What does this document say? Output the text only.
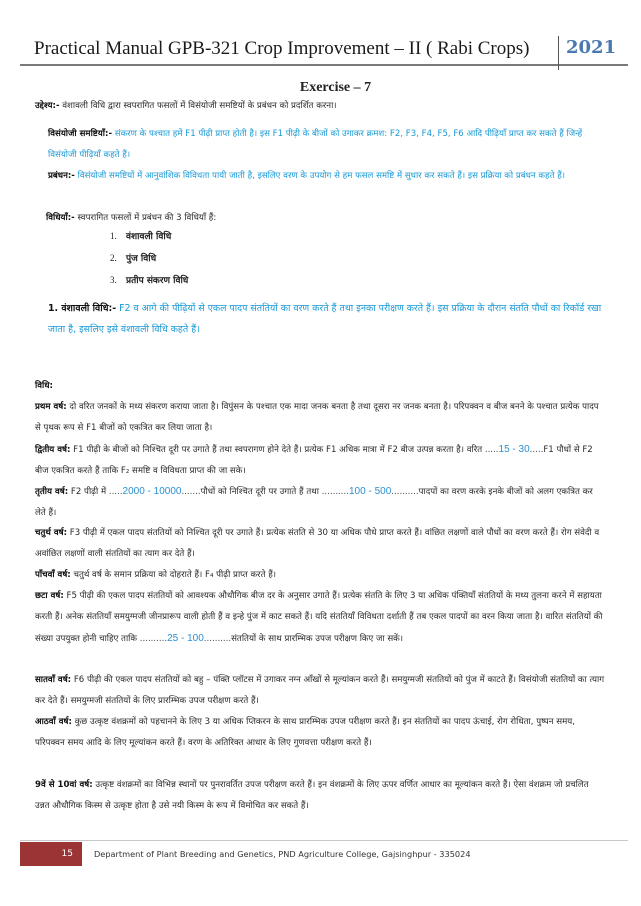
Practical Manual GPB-321 Crop Improvement – II ( Rabi Crops) 2021
Exercise – 7
उद्देश्य:- वंशावली विधि द्वारा स्वपरागित फसलों में विसंयोजी समष्टियों के प्रबंधन को प्रदर्शित करना।
विसंयोजी समष्टियाँ:- संकरण के पश्चात हमें F1 पीढ़ी प्राप्त होती है। इस F1 पीढ़ी के बीजों को उगाकर क्रमश: F2, F3, F4, F5, F6 आदि पीढ़ियाँ प्राप्त कर सकते हैं जिन्हें विसंयोजी पीढ़ियाँ कहते हैं।
प्रबंधन:- विसंयोजी समष्टियों में आनुवांशिक विविधता पायी जाती है, इसलिए वरण के उपयोग से हम फसल समष्टि में सुधार कर सकते हैं। इस प्रक्रिया को प्रबंधन कहते हैं।
विधियाँ:- स्वपरागित फसलों में प्रबंधन की 3 विधियाँ हैं:
1. वंशावली विधि
2. पुंज विधि
3. प्रतीप संकरण विधि
1. वंशावली विधि:- F2 व आगे की पीढ़ियों से एकल पादप संततियों का वरण करते हैं तथा इनका परीक्षण करते हैं। इस प्रक्रिया के दौरान संतति पौधों का रिकॉर्ड रखा जाता है, इसलिए इसे वंशावली विधि कहते हैं।
विधि:
प्रथम वर्ष: दो वरित जनकों के मध्य संकरण कराया जाता है। विपुंसन के पश्चात एक मादा जनक बनता है तथा दूसरा नर जनक बनता है। परिपक्वन व बीज बनने के पश्चात प्रत्येक पादप से पृथक रूप से F1 बीजों को एकत्रित कर लिया जाता है।
द्वितीय वर्ष: F1 पीढ़ी के बीजों को निश्चित दूरी पर उगाते हैं तथा स्वपरागण होने देते हैं। प्रत्येक F1 अधिक मात्रा में F2 बीज उत्पन्न करता है। वरित .....15 - 30.....F1 पौधों से F2 बीज एकत्रित करते हैं ताकि F₂ समष्टि व विविधता प्राप्त की जा सके।
तृतीय वर्ष: F2 पीढ़ी में .....2000 - 10000.......पौधों को निश्चित दूरी पर उगाते हैं तथा ..........100 - 500..........पादपों का वरण करके इनके बीजों को अलग एकत्रित कर लेते हैं।
चतुर्थ वर्ष: F3 पीढ़ी में एकल पादप संततियों को निश्चित दूरी पर उगाते हैं। प्रत्येक संतति से 30 या अधिक पौधे प्राप्त करते हैं। वांछित लक्षणों वाले पौधों का वरण करते हैं। रोग संवेदी व अवांछित लक्षणों वाली संततियों का त्याग कर देते हैं।
पाँचवाँ वर्ष: चतुर्थ वर्ष के समान प्रक्रिया को दोहराते हैं। F₄ पीढ़ी प्राप्त करते हैं।
छटा वर्ष: F5 पीढ़ी की एकल पादप संततियों को आवश्यक औधौगिक बीज दर के अनुसार उगाते हैं। प्रत्येक संतति के लिए 3 या अधिक पंक्तियाँ संततियों के मध्य तुलना करने में सहायता करती हैं। अनेक संततियाँ समयुग्मजी जीनप्रारूप वाली होती हैं व इन्हे पुंज में काट सकते हैं। यदि संततियाँ विविधता दर्शाती हैं तब एकल पादपों का वरन किया जाता है। वारित संततियों की संख्या उपयुक्त होनी चाहिए ताकि ..........25 - 100..........संततियों के साथ प्रारम्भिक उपज परीक्षण किए जा सकें।
सातवाँ वर्ष: F6 पीढ़ी की एकल पादप संततियों को बहु – पंक्ति प्लॉटस में उगाकर नग्न आँखों से मूल्यांकन करते हैं। समयुग्मजी संततियों को पुंज में काटते हैं। विसंयोजी संततियों का त्याग कर देते हैं। समयुग्मजी संततियों के लिए प्रारम्भिक उपज परीक्षण करते हैं।
आठवाँ वर्ष: कुछ उत्कृष्ट वंशक्रमों को पहचानने के लिए 3 या अधिक प्तिकरन के साथ प्रारम्भिक उपज परीक्षण करते हैं। इन संततियों का पादप ऊंचाई, रोग रोधिता, पुष्पन समय, परिपक्वन समय आदि के लिए मूल्यांकन करते हैं। वरण के अतिरिक्त आधार के लिए गुणवत्ता परीक्षण करते हैं।
9वें से 10वां वर्ष: उत्कृष्ट वंशक्रमों का विभिन्न स्थानों पर पुनरावर्तित उपज परीक्षण करते हैं। इन वंशक्रमों के लिए ऊपर वर्णित आधार का मूल्यांकन करते हैं। ऐसा वंशक्रम जो प्रचलित उन्नत औधौगिक किस्म से उत्कृष्ट होता है उसे नयी किस्म के रूप में विमोचित कर सकते हैं।
15	Department of Plant Breeding and Genetics, PND Agriculture College, Gajsinghpur - 335024
